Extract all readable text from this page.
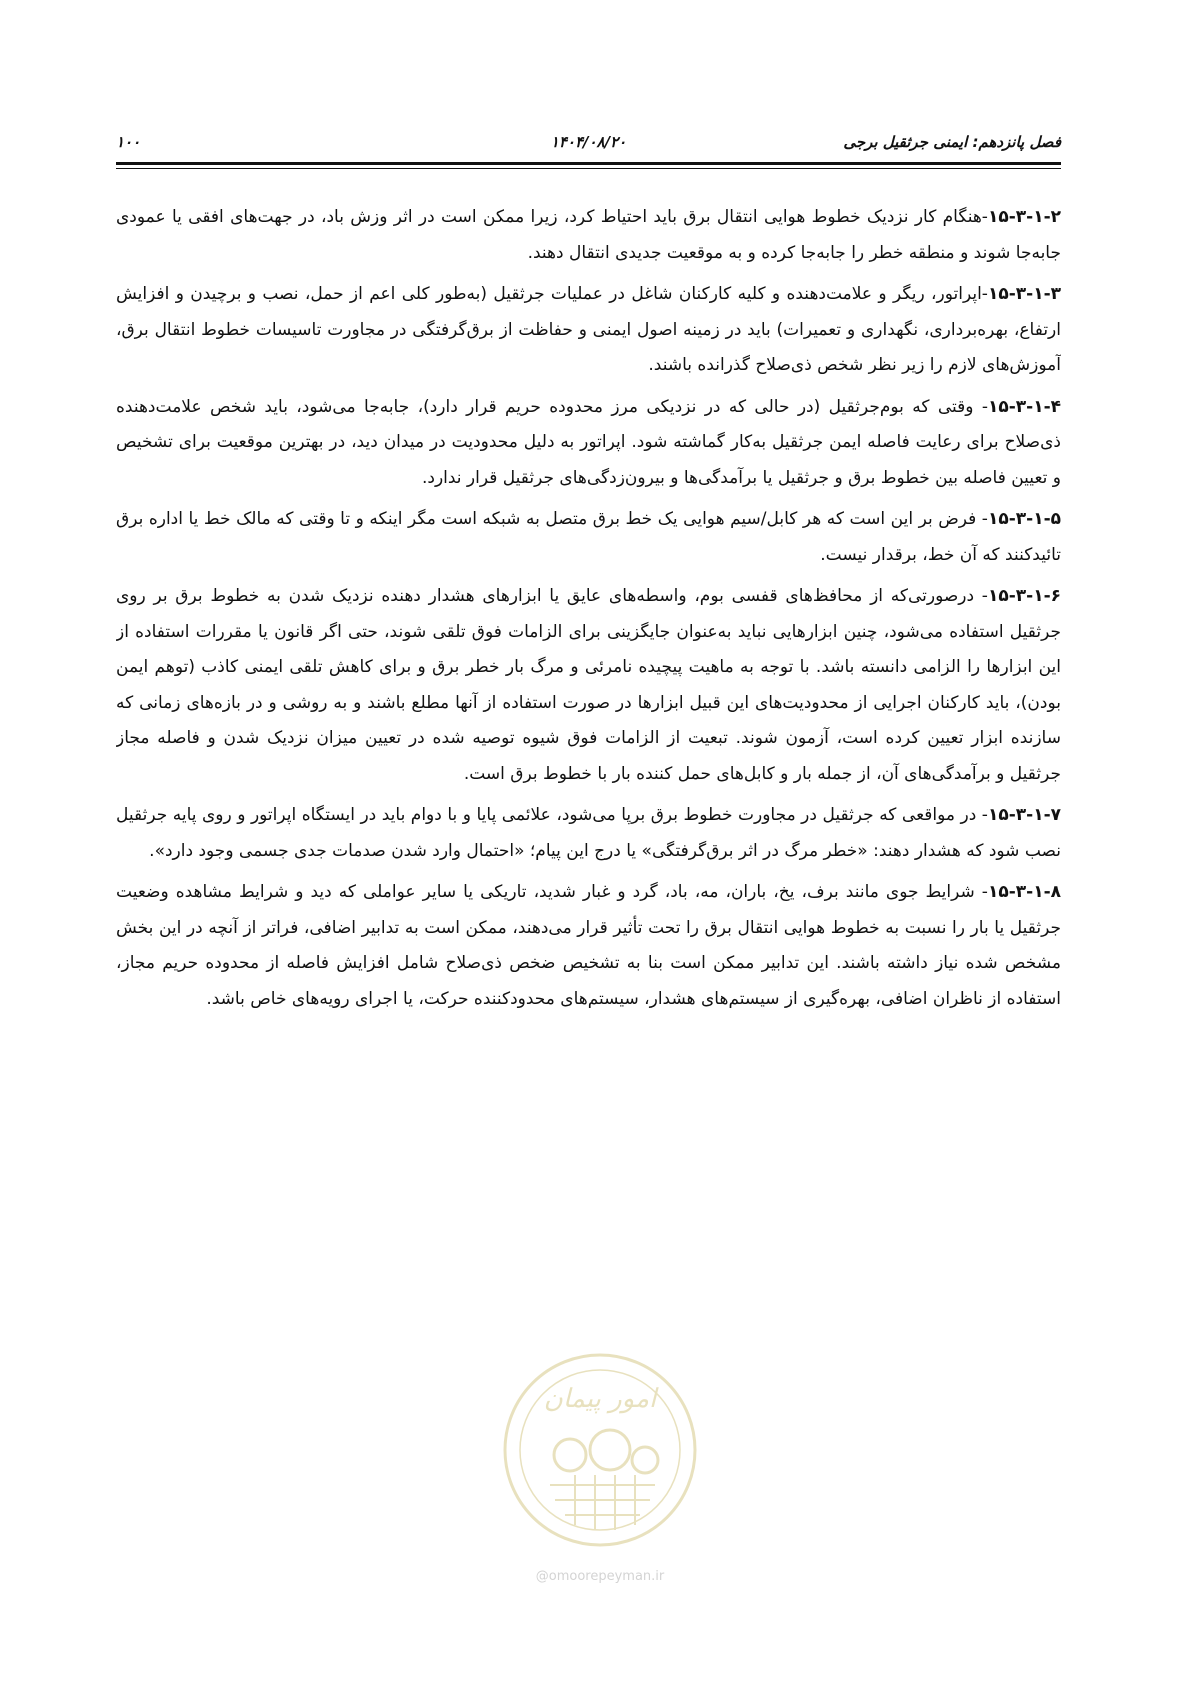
فصل پانزدهم: ایمنی جرثقیل برجی
۱۴۰۴/۰۸/۲۰
۱۰۰

۱۵-۳-۱-۲-هنگام کار نزدیک خطوط هوایی انتقال برق باید احتیاط کرد، زیرا ممکن است در اثر وزش باد، در جهت‌های افقی یا عمودی جابه‌جا شوند و منطقه خطر را جابه‌جا کرده و به موقعیت جدیدی انتقال دهند.

۱۵-۳-۱-۳-اپراتور، ریگر و علامت‌دهنده و کلیه کارکنان شاغل در عملیات جرثقیل (به‌طور کلی اعم از حمل، نصب و برچیدن و افزایش ارتفاع، بهره‌برداری، نگهداری و تعمیرات) باید در زمینه اصول ایمنی و حفاظت از برق‌گرفتگی در مجاورت تاسیسات خطوط انتقال برق، آموزش‌های لازم را زیر نظر شخص ذی‌صلاح گذرانده باشند.

۱۵-۳-۱-۴- وقتی که بوم‌جرثقیل (در حالی که در نزدیکی مرز محدوده حریم قرار دارد)، جابه‌جا می‌شود، باید شخص علامت‌دهنده ذی‌صلاح برای رعایت فاصله ایمن جرثقیل به‌کار گماشته شود. اپراتور به دلیل محدودیت در میدان دید، در بهترین موقعیت برای تشخیص و تعیین فاصله بین خطوط برق و جرثقیل یا برآمدگی‌ها و بیرون‌زدگی‌های جرثقیل قرار ندارد.

۱۵-۳-۱-۵- فرض بر این است که هر کابل/سیم هوایی یک خط برق متصل به شبکه است مگر اینکه و تا وقتی که مالک خط یا اداره برق تائیدکنند که آن خط، برقدار نیست.

۱۵-۳-۱-۶- درصورتی‌که از محافظ‌های قفسی بوم، واسطه‌های عایق یا ابزارهای هشدار دهنده نزدیک شدن به خطوط برق بر روی جرثقیل استفاده می‌شود، چنین ابزارهایی نباید به‌عنوان جایگزینی برای الزامات فوق تلقی شوند، حتی اگر قانون یا مقررات استفاده از این ابزارها را الزامی دانسته باشد. با توجه به ماهیت پیچیده نامرئی و مرگ بار خطر برق و برای کاهش تلقی ایمنی کاذب (توهم ایمن بودن)، باید کارکنان اجرایی از محدودیت‌های این قبیل ابزارها در صورت استفاده از آنها مطلع باشند و به روشی و در بازه‌های زمانی که سازنده ابزار تعیین کرده است، آزمون شوند. تبعیت از الزامات فوق شیوه توصیه شده در تعیین میزان نزدیک شدن و فاصله مجاز جرثقیل و برآمدگی‌های آن، از جمله بار و کابل‌های حمل کننده بار با خطوط برق است.

۱۵-۳-۱-۷- در مواقعی که جرثقیل در مجاورت خطوط برق برپا می‌شود، علائمی پایا و با دوام باید در ایستگاه اپراتور و روی پایه جرثقیل نصب شود که هشدار دهند: «خطر مرگ در اثر برق‌گرفتگی» یا درج این پیام؛ «احتمال وارد شدن صدمات جدی جسمی وجود دارد».

۱۵-۳-۱-۸- شرایط جوی مانند برف، یخ، باران، مه، باد، گرد و غبار شدید، تاریکی یا سایر عواملی که دید و شرایط مشاهده وضعیت جرثقیل یا بار را نسبت به خطوط هوایی انتقال برق را تحت تأثیر قرار می‌دهند، ممکن است به تدابیر اضافی، فراتر از آنچه در این بخش مشخص شده نیاز داشته باشند. این تدابیر ممکن است بنا به تشخیص ضخص ذی‌صلاح شامل افزایش فاصله از محدوده حریم مجاز، استفاده از ناظران اضافی، بهره‌گیری از سیستم‌های هشدار، سیستم‌های محدودکننده حرکت، یا اجرای رویه‌های خاص باشد.

امور پیمان
@omoorepeyman.ir
